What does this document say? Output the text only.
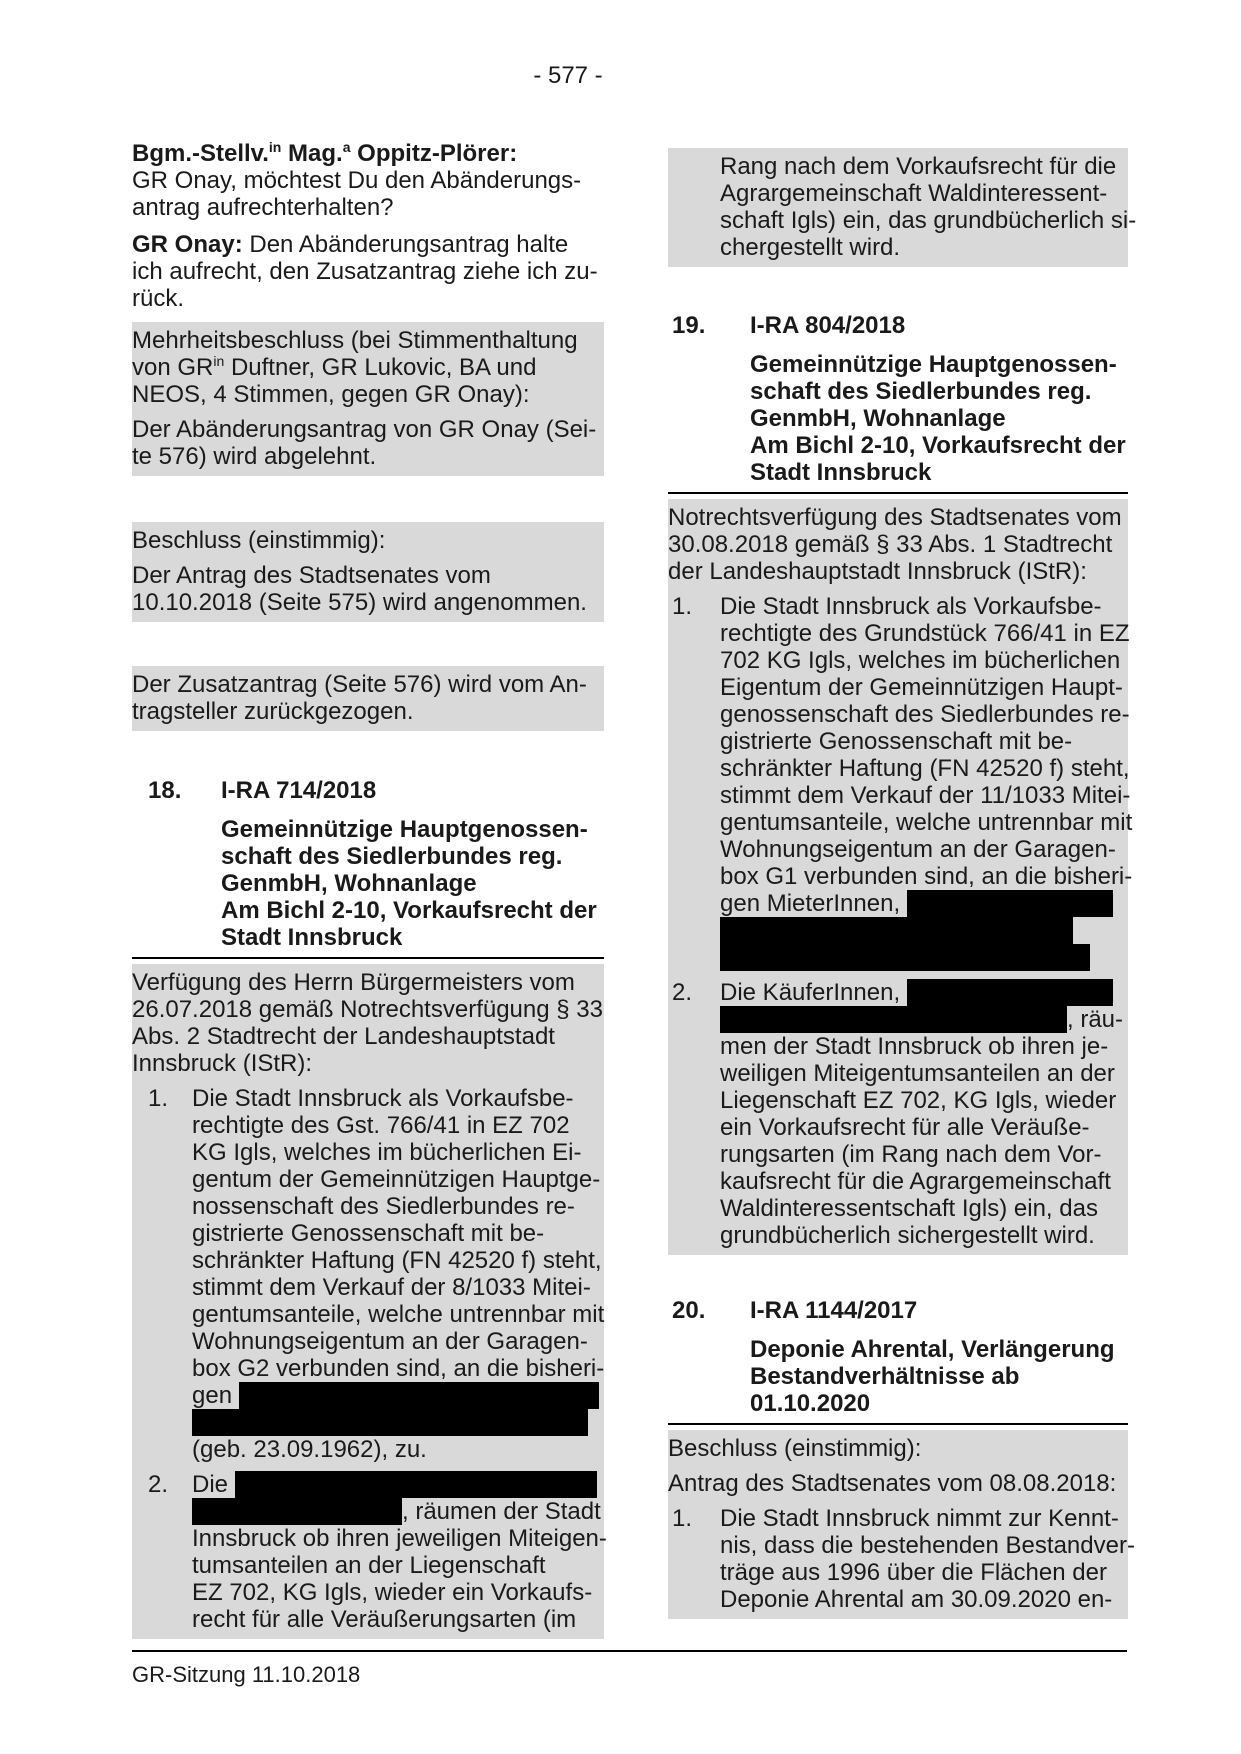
- 577 -
Bgm.-Stellv.$^{in}$ Mag.$^a$ Oppitz-Plörer:
GR Onay, möchtest Du den Abänderungs-
antrag aufrechterhalten?
GR Onay: Den Abänderungsantrag halte
ich aufrecht, den Zusatzantrag ziehe ich zu-
rück.
Mehrheitsbeschluss (bei Stimmenthaltung
von $GR^{in}$ Duftner, GR Lukovic, BA und
NEOS, 4 Stimmen, gegen GR Onay):
Der Abänderungsantrag von GR Onay (Sei-
te 576) wird abgelehnt.
Beschluss (einstimmig):
Der Antrag des Stadtsenates vom
10.10.2018 (Seite 575) wird angenommen.
Der Zusatzantrag (Seite 576) wird vom An-
tragsteller zurückgezogen.
18. I-RA 714/2018
Gemeinnützige Hauptgenossen-
schaft des Siedlerbundes reg.
GenmbH, Wohnanlage
Am Bichl 2-10, Vorkaufsrecht der
Stadt Innsbruck
Verfügung des Herrn Bürgermeisters vom
26.07.2018 gemäß Notrechtsverfügung § 33
Abs. 2 Stadtrecht der Landeshauptstadt
Innsbruck (IStR):
1. Die Stadt Innsbruck als Vorkaufsbe-
rechtigte des Gst. 766/41 in EZ 702
KG Igls, welches im bücherlichen Ei-
gentum der Gemeinnützigen Hauptge-
nossenschaft des Siedlerbundes re-
gistrierte Genossenschaft mit be-
schränkter Haftung (FN 42520 f) steht,
stimmt dem Verkauf der 8/1033 Mitei-
gentumsanteile, welche untrennbar mit
Wohnungseigentum an der Garagen-
box G2 verbunden sind, an die bisheri-
gen
(geb. 23.09.1962), zu.
2. Die
, räumen der Stadt
Innsbruck ob ihren jeweiligen Miteigen-
tumsanteilen an der Liegenschaft
EZ 702, KG Igls, wieder ein Vorkaufs-
recht für alle Veräußerungsarten (im
Rang nach dem Vorkaufsrecht für die
Agrargemeinschaft Waldinteressent-
schaft Igls) ein, das grundbücherlich si-
chergestellt wird.
19. I-RA 804/2018
Gemeinnützige Hauptgenossen-
schaft des Siedlerbundes reg.
GenmbH, Wohnanlage
Am Bichl 2-10, Vorkaufsrecht der
Stadt Innsbruck
Notrechtsverfügung des Stadtsenates vom
30.08.2018 gemäß § 33 Abs. 1 Stadtrecht
der Landeshauptstadt Innsbruck (IStR):
1. Die Stadt Innsbruck als Vorkaufsbe-
rechtigte des Grundstück 766/41 in EZ
702 KG Igls, welches im bücherlichen
Eigentum der Gemeinnützigen Haupt-
genossenschaft des Siedlerbundes re-
gistrierte Genossenschaft mit be-
schränkter Haftung (FN 42520 f) steht,
stimmt dem Verkauf der 11/1033 Mitei-
gentumsanteile, welche untrennbar mit
Wohnungseigentum an der Garagen-
box G1 verbunden sind, an die bisheri-
gen MieterInnen,
2. Die KäuferInnen,
, räu-
men der Stadt Innsbruck ob ihren je-
weiligen Miteigentumsanteilen an der
Liegenschaft EZ 702, KG Igls, wieder
ein Vorkaufsrecht für alle Veräuße-
rungsarten (im Rang nach dem Vor-
kaufsrecht für die Agrargemeinschaft
Waldinteressentschaft Igls) ein, das
grundbücherlich sichergestellt wird.
20. I-RA 1144/2017
Deponie Ahrental, Verlängerung
Bestandverhältnisse ab
01.10.2020
Beschluss (einstimmig):
Antrag des Stadtsenates vom 08.08.2018:
1. Die Stadt Innsbruck nimmt zur Kennt-
nis, dass die bestehenden Bestandver-
träge aus 1996 über die Flächen der
Deponie Ahrental am 30.09.2020 en-
GR-Sitzung 11.10.2018
